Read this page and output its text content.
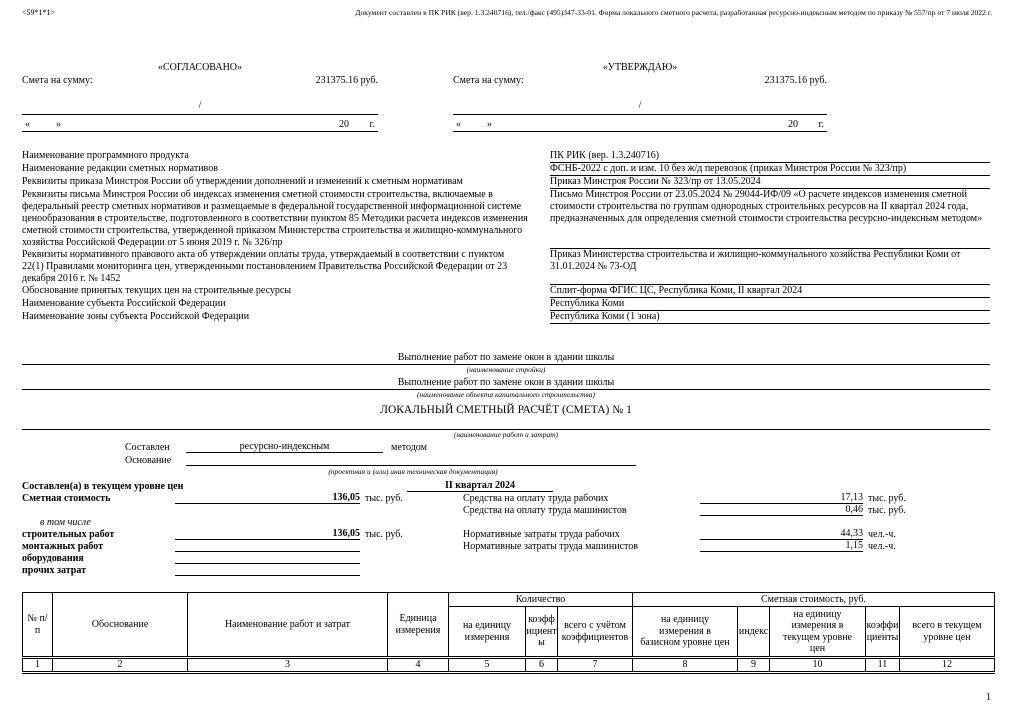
<59*1*1>	Документ составлен в ПК РИК (вер. 1.3.240716), тел./факс (495)347-33-01. Форма локального сметного расчета, разработанная ресурсно-индексным методом по приказу № 557/пр от 7 июля 2022 г.
«СОГЛАСОВАНО»
Смета на сумму:	231375.16 руб.
/
«	»	20	г.
«УТВЕРЖДАЮ»
Смета на сумму:	231375.16 руб.
/
«	»	20	г.
Наименование программного продукта	ПК РИК (вер. 1.3.240716)
Наименование редакции сметных нормативов	ФСНБ-2022 с доп. и изм. 10 без ж/д перевозок (приказ Минстроя России № 323/пр)
Реквизиты приказа Минстроя России об утверждении дополнений и изменений к сметным нормативам	Приказ Минстроя России № 323/пр от 13.05.2024
Реквизиты письма Минстроя России об индексах изменения сметной стоимости строительства, включаемые в федеральный реестр сметных нормативов и размещаемые в федеральной государственной информационной системе ценообразования в строительстве, подготовленного в соответствии пунктом 85 Методики расчета индексов изменения сметной стоимости строительства, утвержденной приказом Министерства строительства и жилищно-коммунального хозяйства Российской Федерации от 5 июня 2019 г. № 326/пр	Письмо Минстроя России от 23.05.2024 № 29044-ИФ/09 «О расчете индексов изменения сметной стоимости строительства по группам однородных строительных ресурсов на II квартал 2024 года, предназначенных для определения сметной стоимости строительства ресурсно-индексным методом»
Реквизиты нормативного правового акта об утверждении оплаты труда, утверждаемый в соответствии с пунктом 22(1) Правилами мониторинга цен, утвержденными постановлением Правительства Российской Федерации от 23 декабря 2016 г. № 1452	Приказ Министерства строительства и жилищно-коммунального хозяйства Республики Коми от 31.01.2024 № 73-ОД
Обоснование принятых текущих цен на строительные ресурсы	Сплит-форма ФГИС ЦС, Республика Коми, II квартал 2024
Наименование субъекта Российской Федерации	Республика Коми
Наименование зоны субъекта Российской Федерации	Республика Коми (1 зона)
Выполнение работ по замене окон в здании школы
(наименование стройки)
Выполнение работ по замене окон в здании школы
(наименование объекта капитального строительства)
ЛОКАЛЬНЫЙ СМЕТНЫЙ РАСЧЁТ (СМЕТА) № 1
(наименование работ и затрат)
Составлен	ресурсно-индексным	методом
Основание
(проектная и (или) иная техническая документация)
Составлен(а) в текущем уровне цен	II квартал 2024
Сметная стоимость	136,05 тыс. руб.	Средства на оплату труда рабочих	17,13 тыс. руб.
Средства на оплату труда машинистов	0,46 тыс. руб.
в том числе
строительных работ	136,05 тыс. руб.	Нормативные затраты труда рабочих	44,33 чел.-ч.
монтажных работ	Нормативные затраты труда машинистов	1,15 чел.-ч.
оборудования
прочих затрат
№ п/п	Обоснование	Наименование работ и затрат	Единица измерения	Количество			Сметная стоимость, руб.				
				на единицу измерения	коэффициенты	всего с учётом коэффициентов	на единицу измерения в базисном уровне цен	индекс	на единицу измерения в текущем уровне цен	коэффициенты	всего в текущем уровне цен
1	2	3	4	5	6	7	8	9	10	11	12
1
